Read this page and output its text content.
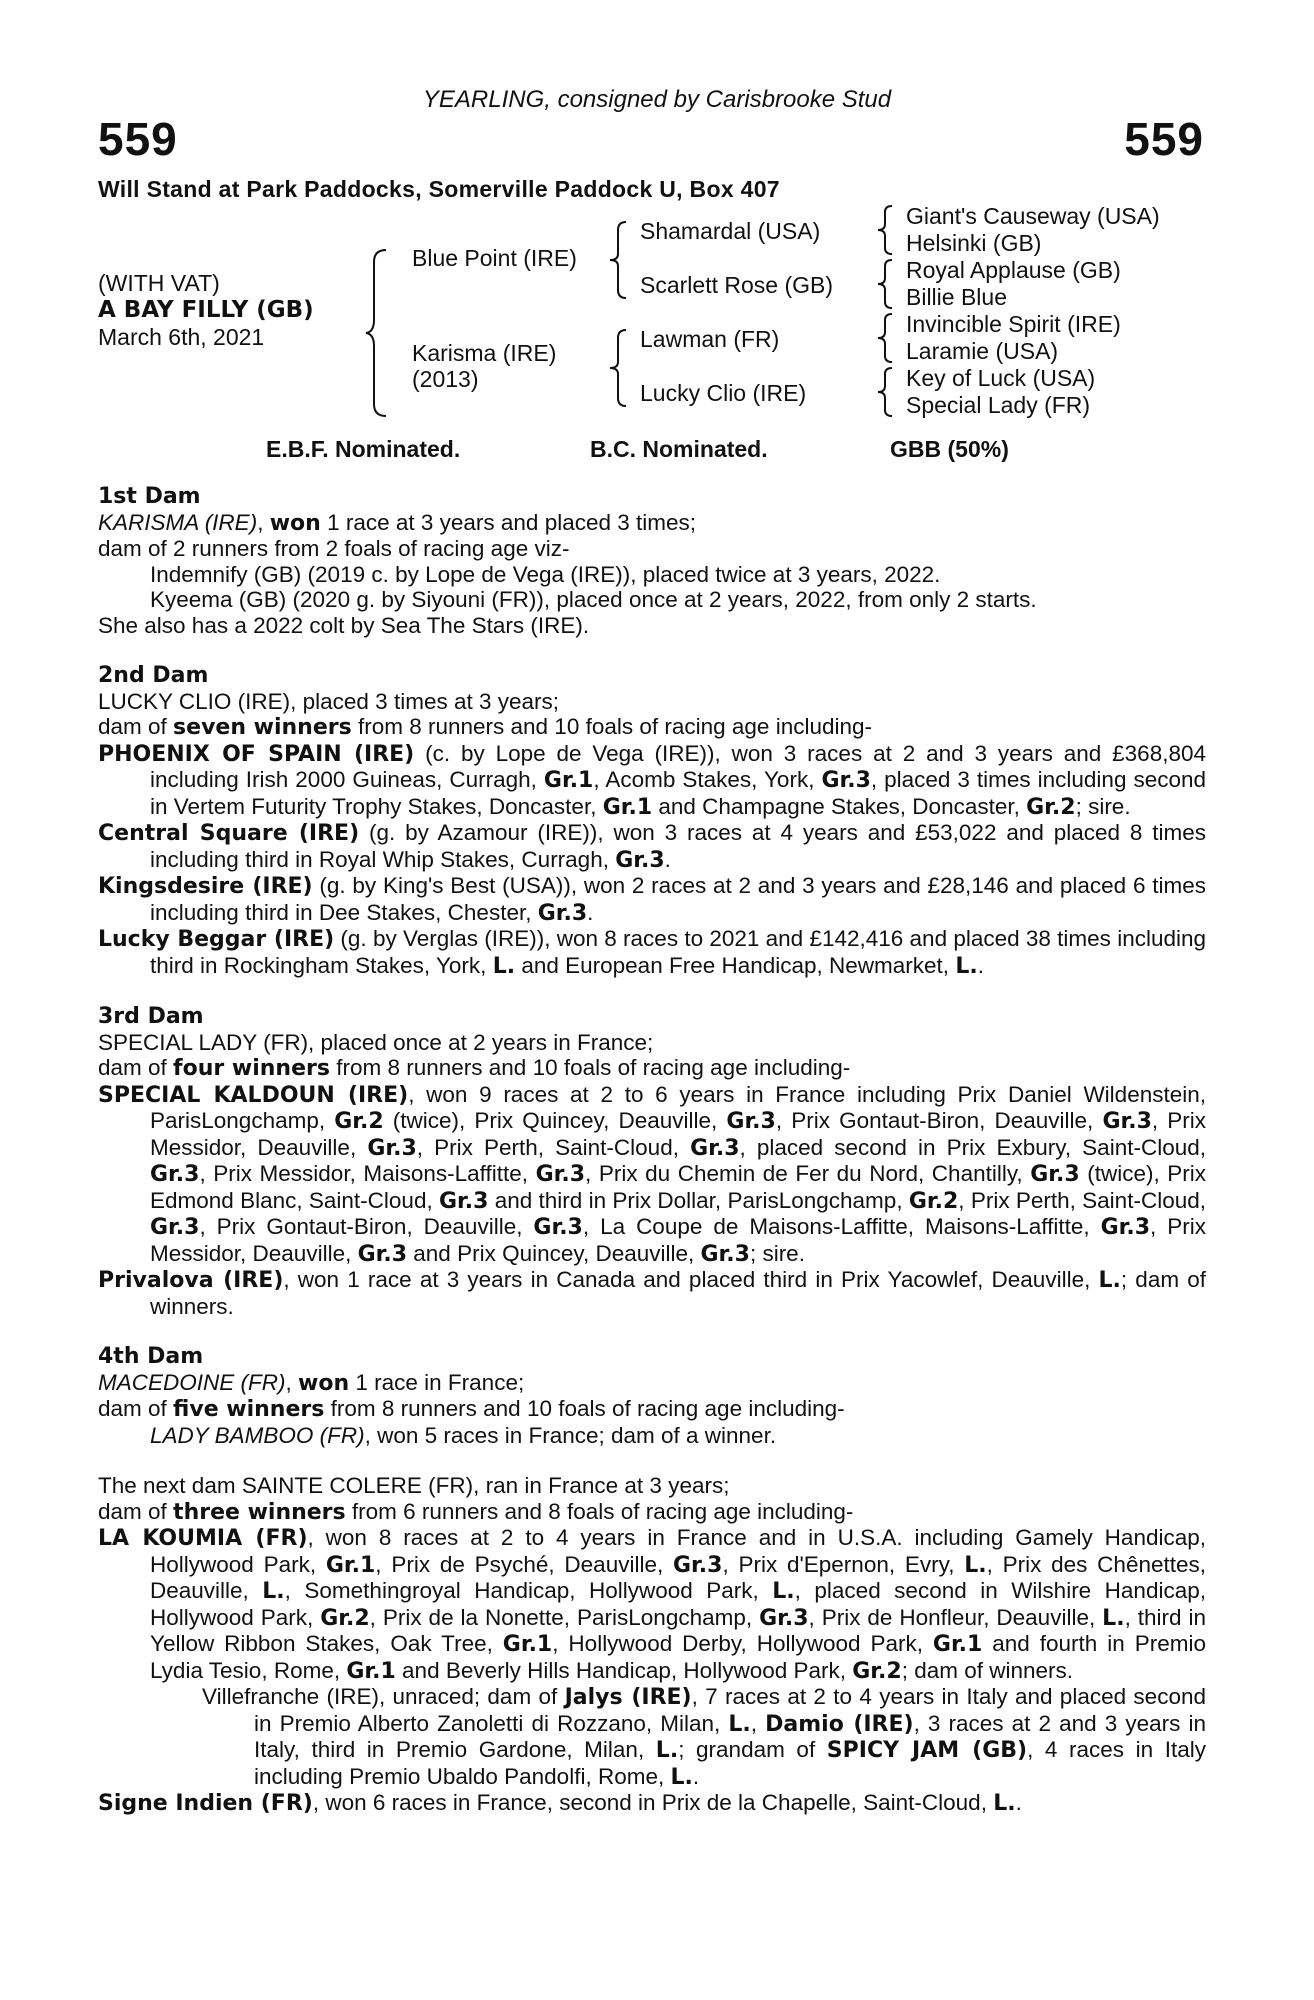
YEARLING, consigned by Carisbrooke Stud
559	559
Will Stand at Park Paddocks, Somerville Paddock U, Box 407
(WITH VAT)
A BAY FILLY (GB)
March 6th, 2021
Blue Point (IRE)
Karisma (IRE)
(2013)
Shamardal (USA)
Scarlett Rose (GB)
Lawman (FR)
Lucky Clio (IRE)
Giant's Causeway (USA)
Helsinki (GB)
Royal Applause (GB)
Billie Blue
Invincible Spirit (IRE)
Laramie (USA)
Key of Luck (USA)
Special Lady (FR)
E.B.F. Nominated.	B.C. Nominated.	GBB (50%)

1st Dam

KARISMA (IRE), won 1 race at 3 years and placed 3 times;

dam of 2 runners from 2 foals of racing age viz-

Indemnify (GB) (2019 c. by Lope de Vega (IRE)), placed twice at 3 years, 2022.

Kyeema (GB) (2020 g. by Siyouni (FR)), placed once at 2 years, 2022, from only 2 starts.

She also has a 2022 colt by Sea The Stars (IRE).

2nd Dam

LUCKY CLIO (IRE), placed 3 times at 3 years;

dam of seven winners from 8 runners and 10 foals of racing age including-

PHOENIX OF SPAIN (IRE) (c. by Lope de Vega (IRE)), won 3 races at 2 and 3 years and £368,804 including Irish 2000 Guineas, Curragh, Gr.1, Acomb Stakes, York, Gr.3, placed 3 times including second in Vertem Futurity Trophy Stakes, Doncaster, Gr.1 and Champagne Stakes, Doncaster, Gr.2; sire.

Central Square (IRE) (g. by Azamour (IRE)), won 3 races at 4 years and £53,022 and placed 8 times including third in Royal Whip Stakes, Curragh, Gr.3.

Kingsdesire (IRE) (g. by King's Best (USA)), won 2 races at 2 and 3 years and £28,146 and placed 6 times including third in Dee Stakes, Chester, Gr.3.

Lucky Beggar (IRE) (g. by Verglas (IRE)), won 8 races to 2021 and £142,416 and placed 38 times including third in Rockingham Stakes, York, L. and European Free Handicap, Newmarket, L..

3rd Dam

SPECIAL LADY (FR), placed once at 2 years in France;

dam of four winners from 8 runners and 10 foals of racing age including-

SPECIAL KALDOUN (IRE), won 9 races at 2 to 6 years in France including Prix Daniel Wildenstein, ParisLongchamp, Gr.2 (twice), Prix Quincey, Deauville, Gr.3, Prix Gontaut-Biron, Deauville, Gr.3, Prix Messidor, Deauville, Gr.3, Prix Perth, Saint-Cloud, Gr.3, placed second in Prix Exbury, Saint-Cloud, Gr.3, Prix Messidor, Maisons-Laffitte, Gr.3, Prix du Chemin de Fer du Nord, Chantilly, Gr.3 (twice), Prix Edmond Blanc, Saint-Cloud, Gr.3 and third in Prix Dollar, ParisLongchamp, Gr.2, Prix Perth, Saint-Cloud, Gr.3, Prix Gontaut-Biron, Deauville, Gr.3, La Coupe de Maisons-Laffitte, Maisons-Laffitte, Gr.3, Prix Messidor, Deauville, Gr.3 and Prix Quincey, Deauville, Gr.3; sire.

Privalova (IRE), won 1 race at 3 years in Canada and placed third in Prix Yacowlef, Deauville, L.; dam of winners.

4th Dam

MACEDOINE (FR), won 1 race in France;

dam of five winners from 8 runners and 10 foals of racing age including-

LADY BAMBOO (FR), won 5 races in France; dam of a winner.

The next dam SAINTE COLERE (FR), ran in France at 3 years;

dam of three winners from 6 runners and 8 foals of racing age including-

LA KOUMIA (FR), won 8 races at 2 to 4 years in France and in U.S.A. including Gamely Handicap, Hollywood Park, Gr.1, Prix de Psyché, Deauville, Gr.3, Prix d'Epernon, Evry, L., Prix des Chênettes, Deauville, L., Somethingroyal Handicap, Hollywood Park, L., placed second in Wilshire Handicap, Hollywood Park, Gr.2, Prix de la Nonette, ParisLongchamp, Gr.3, Prix de Honfleur, Deauville, L., third in Yellow Ribbon Stakes, Oak Tree, Gr.1, Hollywood Derby, Hollywood Park, Gr.1 and fourth in Premio Lydia Tesio, Rome, Gr.1 and Beverly Hills Handicap, Hollywood Park, Gr.2; dam of winners.

Villefranche (IRE), unraced; dam of Jalys (IRE), 7 races at 2 to 4 years in Italy and placed second in Premio Alberto Zanoletti di Rozzano, Milan, L., Damio (IRE), 3 races at 2 and 3 years in Italy, third in Premio Gardone, Milan, L.; grandam of SPICY JAM (GB), 4 races in Italy including Premio Ubaldo Pandolfi, Rome, L..

Signe Indien (FR), won 6 races in France, second in Prix de la Chapelle, Saint-Cloud, L..
